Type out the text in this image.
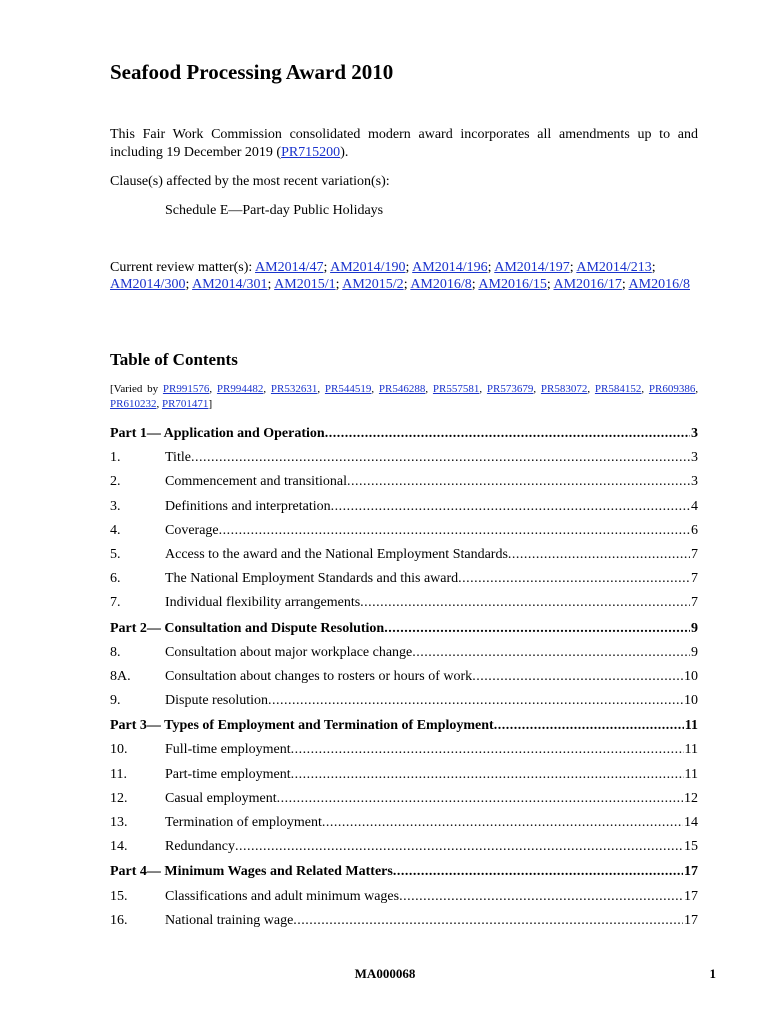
Seafood Processing Award 2010

This Fair Work Commission consolidated modern award incorporates all amendments up to and including 19 December 2019 (PR715200).

Clause(s) affected by the most recent variation(s):

Schedule E—Part-day Public Holidays

Current review matter(s): AM2014/47; AM2014/190; AM2014/196; AM2014/197; AM2014/213; AM2014/300; AM2014/301; AM2015/1; AM2015/2; AM2016/8; AM2016/15; AM2016/17; AM2016/8

Table of Contents

[Varied by PR991576, PR994482, PR532631, PR544519, PR546288, PR557581, PR573679, PR583072, PR584152, PR609386, PR610232, PR701471]

Part 1— Application and Operation .....	3
1.	Title .....	3
2.	Commencement and transitional .....	3
3.	Definitions and interpretation .....	4
4.	Coverage .....	6
5.	Access to the award and the National Employment Standards .....	7
6.	The National Employment Standards and this award .....	7
7.	Individual flexibility arrangements .....	7
Part 2— Consultation and Dispute Resolution .....	9
8.	Consultation about major workplace change .....	9
8A.	Consultation about changes to rosters or hours of work .....	10
9.	Dispute resolution .....	10
Part 3— Types of Employment and Termination of Employment .....	11
10.	Full-time employment .....	11
11.	Part-time employment .....	11
12.	Casual employment .....	12
13.	Termination of employment .....	14
14.	Redundancy .....	15
Part 4— Minimum Wages and Related Matters .....	17
15.	Classifications and adult minimum wages .....	17
16.	National training wage .....	17
MA000068	1
